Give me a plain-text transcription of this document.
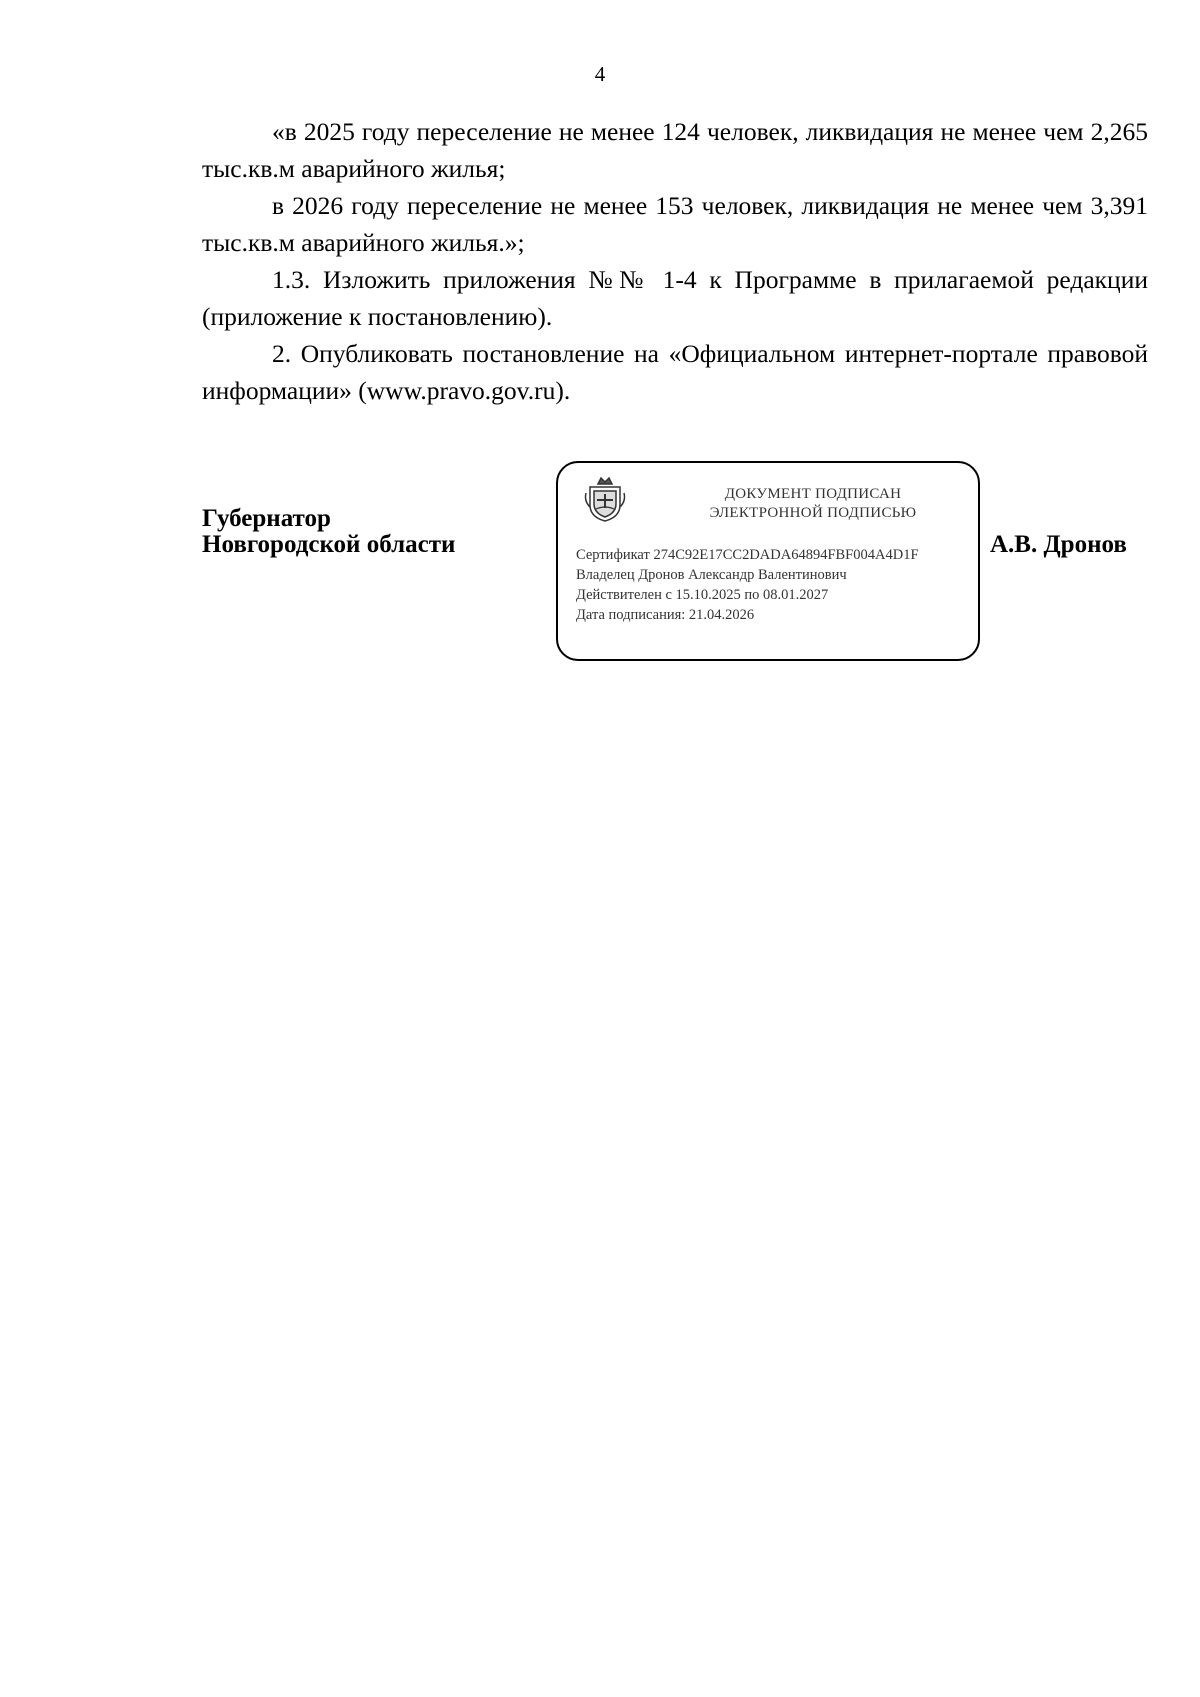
4

«в 2025 году переселение не менее 124 человек, ликвидация не менее чем 2,265 тыс.кв.м аварийного жилья;

в 2026 году переселение не менее 153 человек, ликвидация не менее чем 3,391 тыс.кв.м аварийного жилья.»;

1.3. Изложить приложения №№ 1-4 к Программе в прилагаемой редакции (приложение к постановлению).

2. Опубликовать постановление на «Официальном интернет-портале правовой информации» (www.pravo.gov.ru).

Губернатор
Новгородской области
ДОКУМЕНТ ПОДПИСАН
ЭЛЕКТРОННОЙ ПОДПИСЬЮ
Сертификат 274C92E17CC2DADA64894FBF004A4D1F
Владелец Дронов Александр Валентинович
Действителен с 15.10.2025 по 08.01.2027
Дата подписания: 21.04.2026
А.В. Дронов
